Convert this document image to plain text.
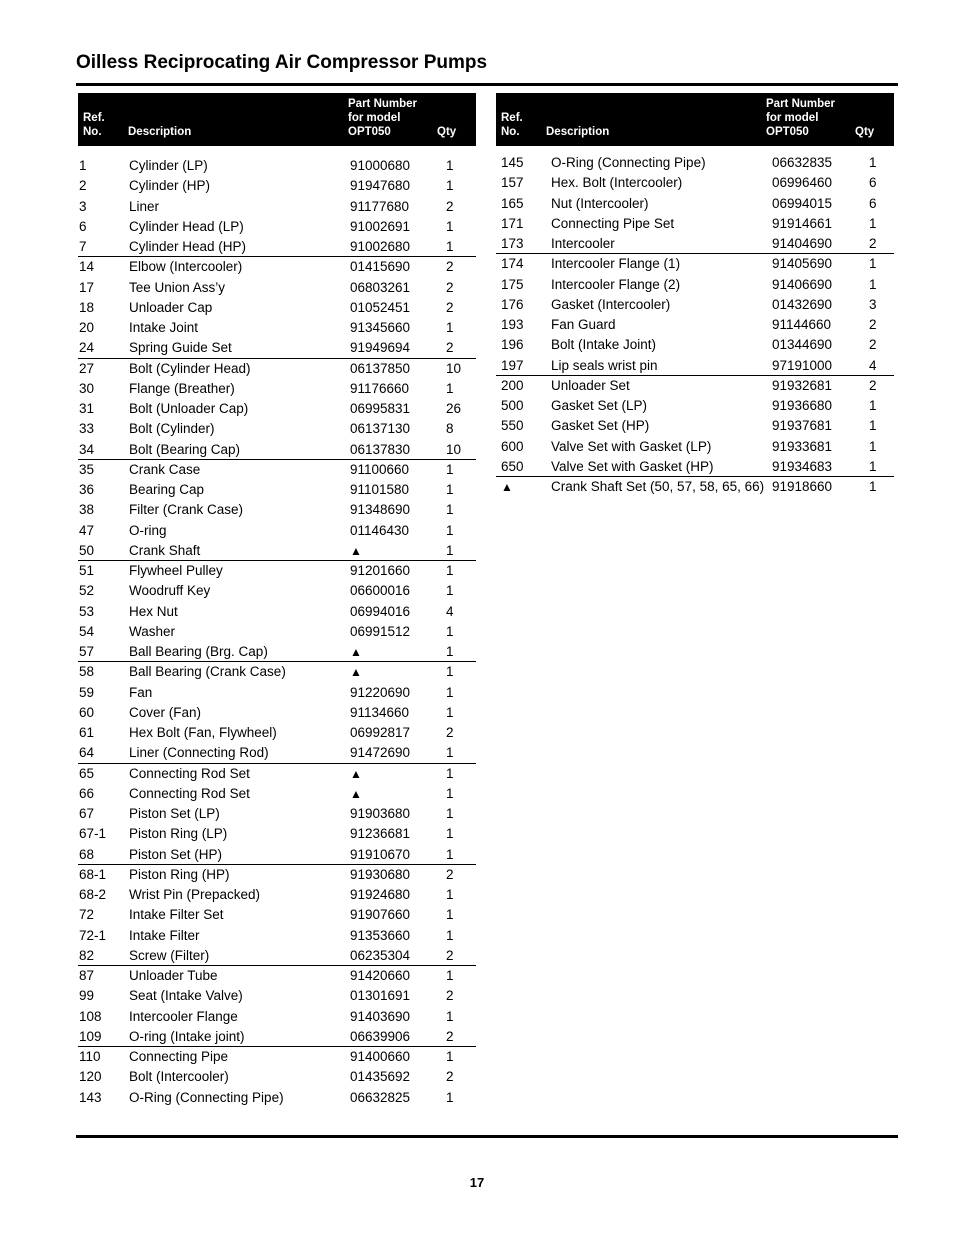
Oilless Reciprocating Air Compressor Pumps
Ref.
No. Description
Part Number
for model
OPT050	Qty
1	Cylinder (LP)	91000680	1
2	Cylinder (HP)	91947680	1
3	Liner	91177680	2
6	Cylinder Head (LP)	91002691	1
7	Cylinder Head (HP)	91002680	1
14	Elbow (Intercooler)	01415690	2
17	Tee Union Ass’y	06803261	2
18	Unloader Cap	01052451	2
20	Intake Joint	91345660	1
24	Spring Guide Set	91949694	2
27	Bolt (Cylinder Head)	06137850	10
30	Flange (Breather)	91176660	1
31	Bolt (Unloader Cap)	06995831	26
33	Bolt (Cylinder)	06137130	8
34	Bolt (Bearing Cap)	06137830	10
35	Crank Case	91100660	1
36	Bearing Cap	91101580	1
38	Filter (Crank Case)	91348690	1
47	O-ring	01146430	1
50	Crank Shaft	▲	1
51	Flywheel Pulley	91201660	1
52	Woodruff Key	06600016	1
53	Hex Nut	06994016	4
54	Washer	06991512	1
57	Ball Bearing (Brg. Cap)	▲	1
58	Ball Bearing (Crank Case)	▲	1
59	Fan	91220690	1
60	Cover (Fan)	91134660	1
61	Hex Bolt (Fan, Flywheel)	06992817	2
64	Liner (Connecting Rod)	91472690	1
65	Connecting Rod Set	▲	1
66	Connecting Rod Set	▲	1
67	Piston Set (LP)	91903680	1
67-1 Piston Ring (LP)	91236681	1
68	Piston Set (HP)	91910670	1
68-1 Piston Ring (HP)	91930680	2
68-2 Wrist Pin (Prepacked)	91924680	1
72	Intake Filter Set	91907660	1
72-1 Intake Filter	91353660	1
82	Screw (Filter)	06235304	2
87	Unloader Tube	91420660	1
99	Seat (Intake Valve)	01301691	2
108 Intercooler Flange	91403690	1
109 O-ring (Intake joint)	06639906	2
110 Connecting Pipe	91400660	1
120 Bolt (Intercooler)	01435692	2
143 O-Ring (Connecting Pipe)	06632825	1
Ref.
No. Description
Part Number
for model
OPT050	Qty
145 O-Ring (Connecting Pipe)	06632835	1
157 Hex. Bolt (Intercooler)	06996460	6
165 Nut (Intercooler)	06994015	6
171 Connecting Pipe Set	91914661	1
173 Intercooler	91404690	2
174 Intercooler Flange (1)	91405690	1
175 Intercooler Flange (2)	91406690	1
176 Gasket (Intercooler)	01432690	3
193 Fan Guard	91144660	2
196 Bolt (Intake Joint)	01344690	2
197 Lip seals wrist pin	97191000	4
200 Unloader Set	91932681	2
500 Gasket Set (LP)	91936680	1
550 Gasket Set (HP)	91937681	1
600 Valve Set with Gasket (LP)	91933681	1
650 Valve Set with Gasket (HP)	91934683	1
▲	Crank Shaft Set (50, 57, 58, 65, 66) 91918660	1
17
